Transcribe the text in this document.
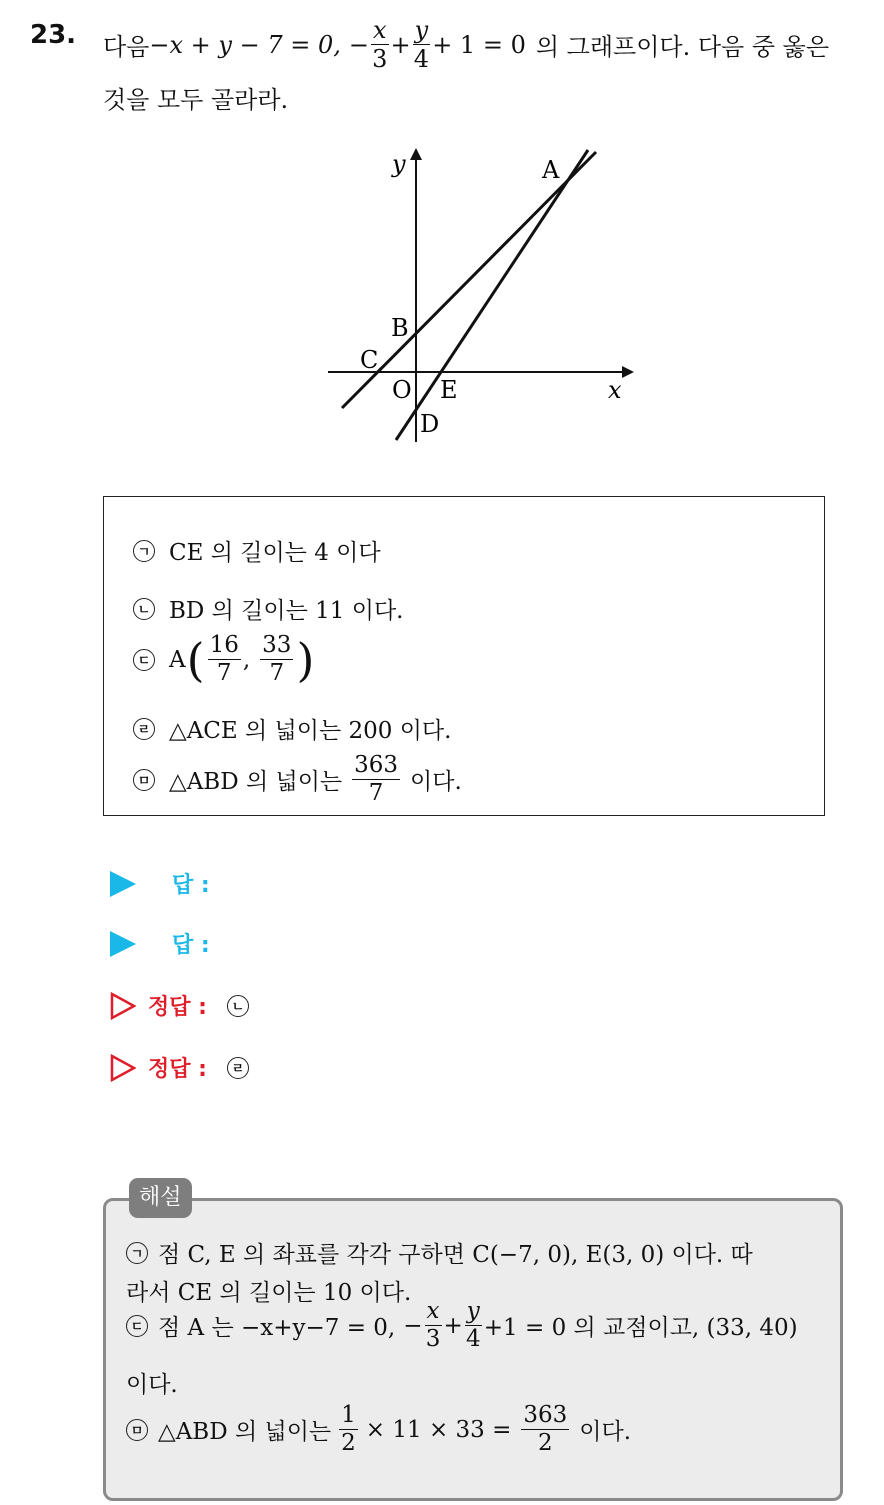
23. 다음 −x + y − 7 = 0, − $\frac{x}{3} + \frac{y}{4} + 1 = 0$ 의 그래프이다. 다음 중 옳은
것을 모두 골라라.
y
x
A
B
C
O E
D
ㄱ CE 의 길이는 4 이다
ㄴ BD 의 길이는 11 이다.
ㄷ A ( $\frac{16}{7}$ , $\frac{33}{7}$ )
ㄹ △ACE 의 넓이는 200 이다.
ㅁ △ABD 의 넓이는 $\frac{363}{7}$ 이다.
답 :
답 :
정답 :	ㄴ
정답 :	ㄹ
해설
ㄱ 점 C, E 의 좌표를 각각 구하면 C(−7, 0), E(3, 0) 이다. 따
라서 CE 의 길이는 10 이다.
ㄷ 점 A 는 −x+y−7 = 0, − $\frac{x}{3} + \frac{y}{4} +1 = 0$ 의 교점이고, (33, 40)
이다.
ㅁ △ABD 의 넓이는 $\frac{1}{2} \times 11 \times 33 = \frac{363}{2}$ 이다.
